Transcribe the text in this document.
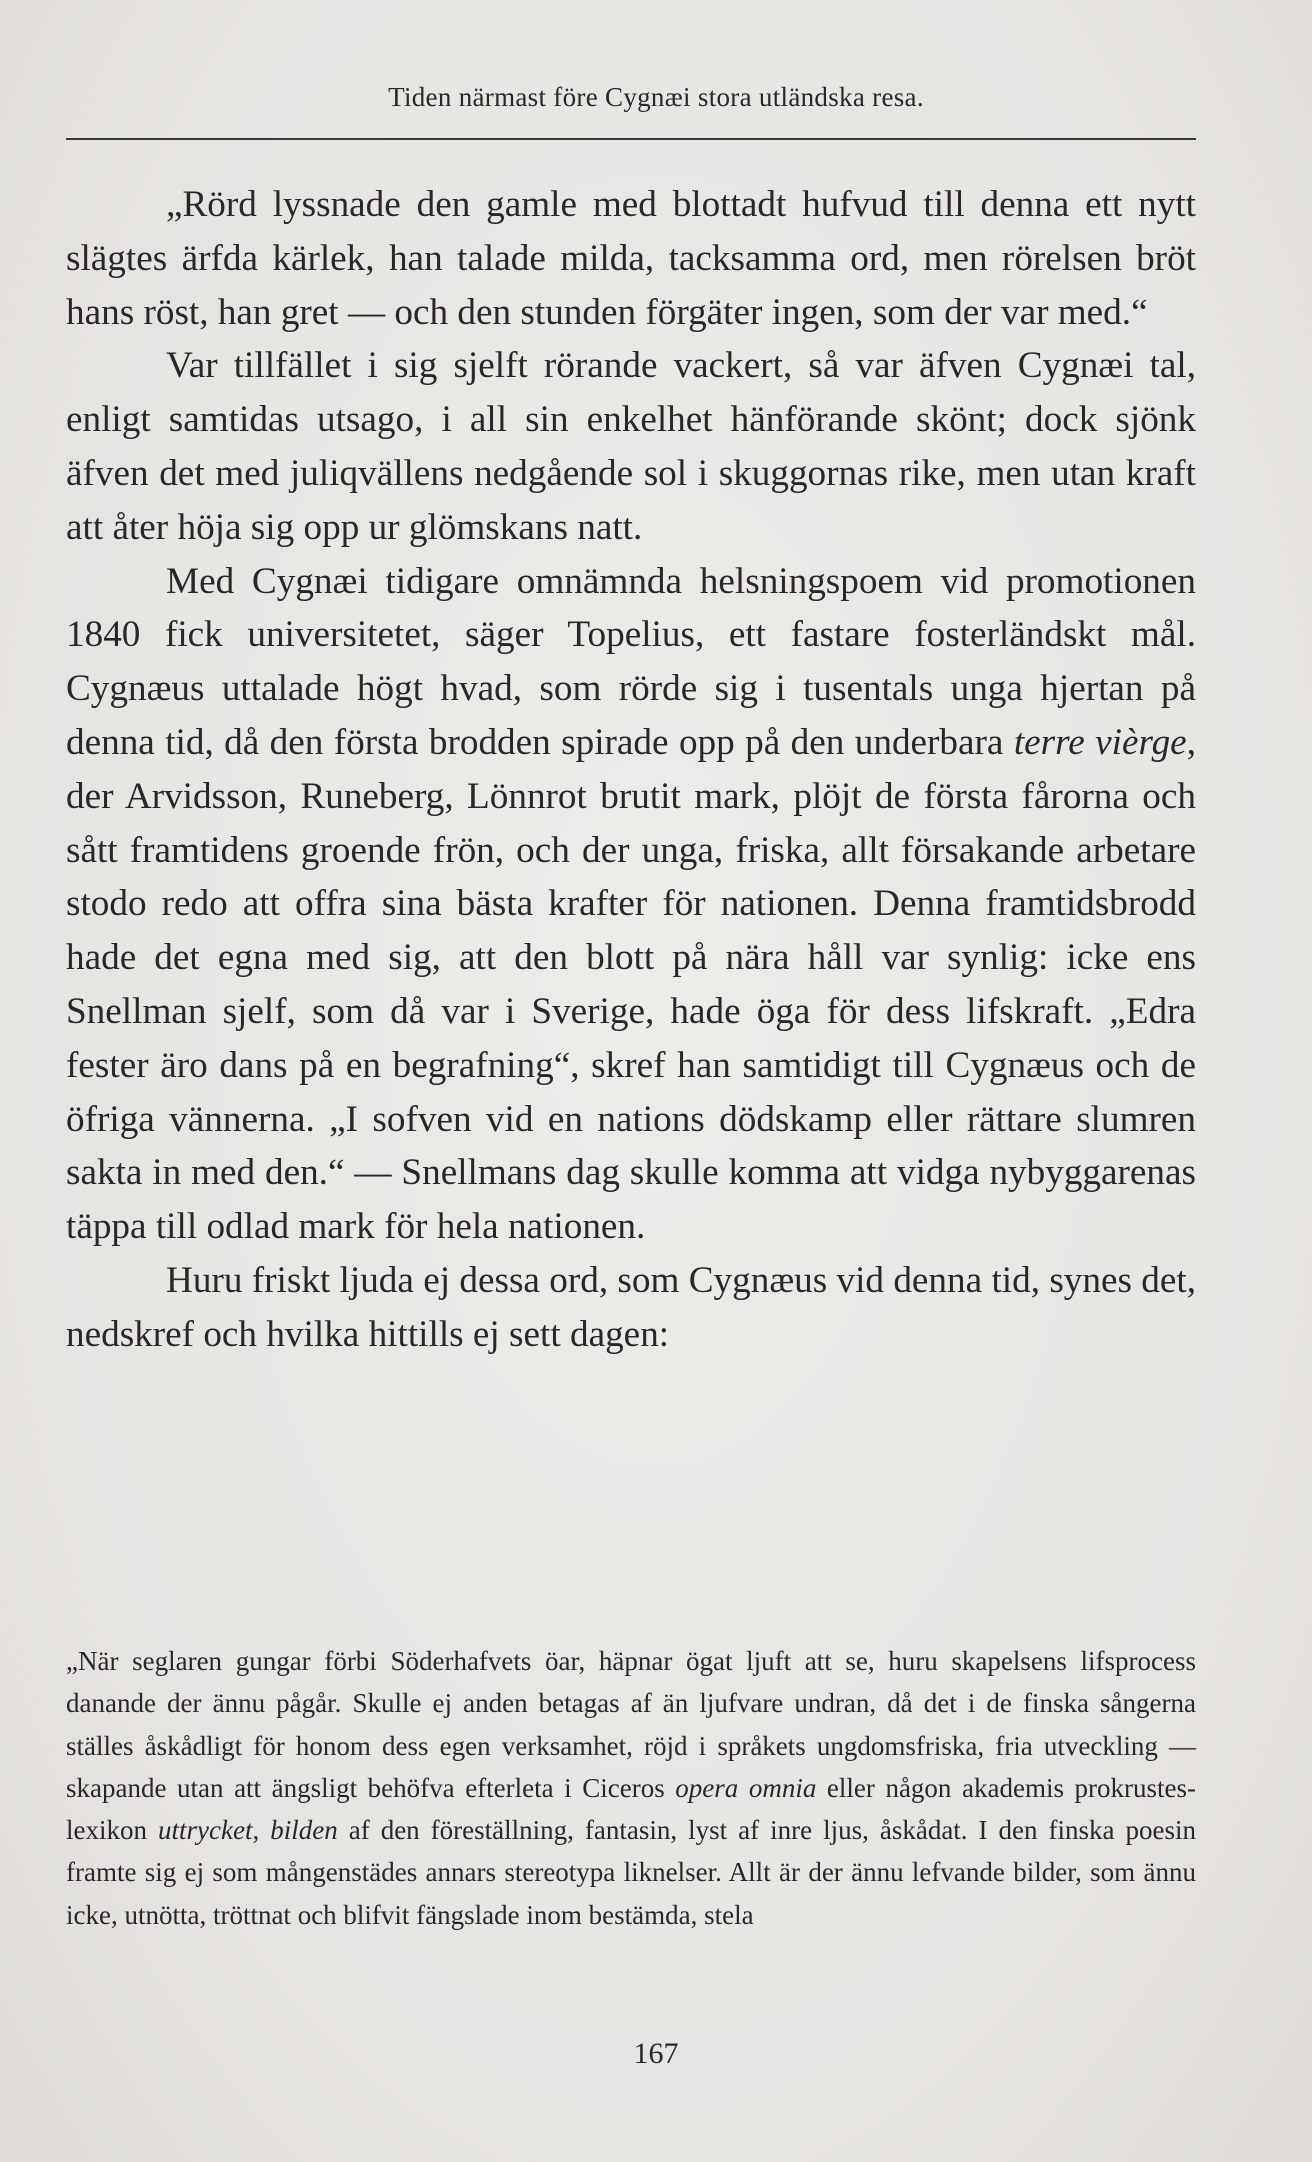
Tiden närmast före Cygnæi stora utländska resa.

„Rörd lyssnade den gamle med blottadt hufvud till denna ett nytt slägtes ärfda kärlek, han talade milda, tacksamma ord, men rörelsen bröt hans röst, han gret — och den stunden förgäter ingen, som der var med.“

Var tillfället i sig sjelft rörande vackert, så var äfven Cygnæi tal, enligt samtidas utsago, i all sin enkelhet hänförande skönt; dock sjönk äfven det med juliqvällens nedgående sol i skuggornas rike, men utan kraft att åter höja sig opp ur glömskans natt.

Med Cygnæi tidigare omnämnda helsningspoem vid promotionen 1840 fick universitetet, säger Topelius, ett fastare fosterländskt mål. Cygnæus uttalade högt hvad, som rörde sig i tusentals unga hjertan på denna tid, då den första brodden spirade opp på den underbara terre vièrge, der Arvidsson, Runeberg, Lönnrot brutit mark, plöjt de första fårorna och sått framtidens groende frön, och der unga, friska, allt försakande arbetare stodo redo att offra sina bästa krafter för nationen. Denna framtidsbrodd hade det egna med sig, att den blott på nära håll var synlig: icke ens Snellman sjelf, som då var i Sverige, hade öga för dess lifskraft. „Edra fester äro dans på en begrafning“, skref han samtidigt till Cygnæus och de öfriga vännerna. „I sofven vid en nations dödskamp eller rättare slumren sakta in med den.“ — Snellmans dag skulle komma att vidga nybyggarenas täppa till odlad mark för hela nationen.

Huru friskt ljuda ej dessa ord, som Cygnæus vid denna tid, synes det, nedskref och hvilka hittills ej sett dagen:

„När seglaren gungar förbi Söderhafvets öar, häpnar ögat ljuft att se, huru skapelsens lifsprocess danande der ännu pågår. Skulle ej anden betagas af än ljufvare undran, då det i de finska sångerna ställes åskådligt för honom dess egen verksamhet, röjd i språkets ungdomsfriska, fria utveckling — skapande utan att ängsligt behöfva efterleta i Ciceros opera omnia eller någon akademis prokrustes-lexikon uttrycket, bilden af den föreställning, fantasin, lyst af inre ljus, åskådat. I den finska poesin framte sig ej som mångenstädes annars stereotypa liknelser. Allt är der ännu lefvande bilder, som ännu icke, utnötta, tröttnat och blifvit fängslade inom bestämda, stela

167
